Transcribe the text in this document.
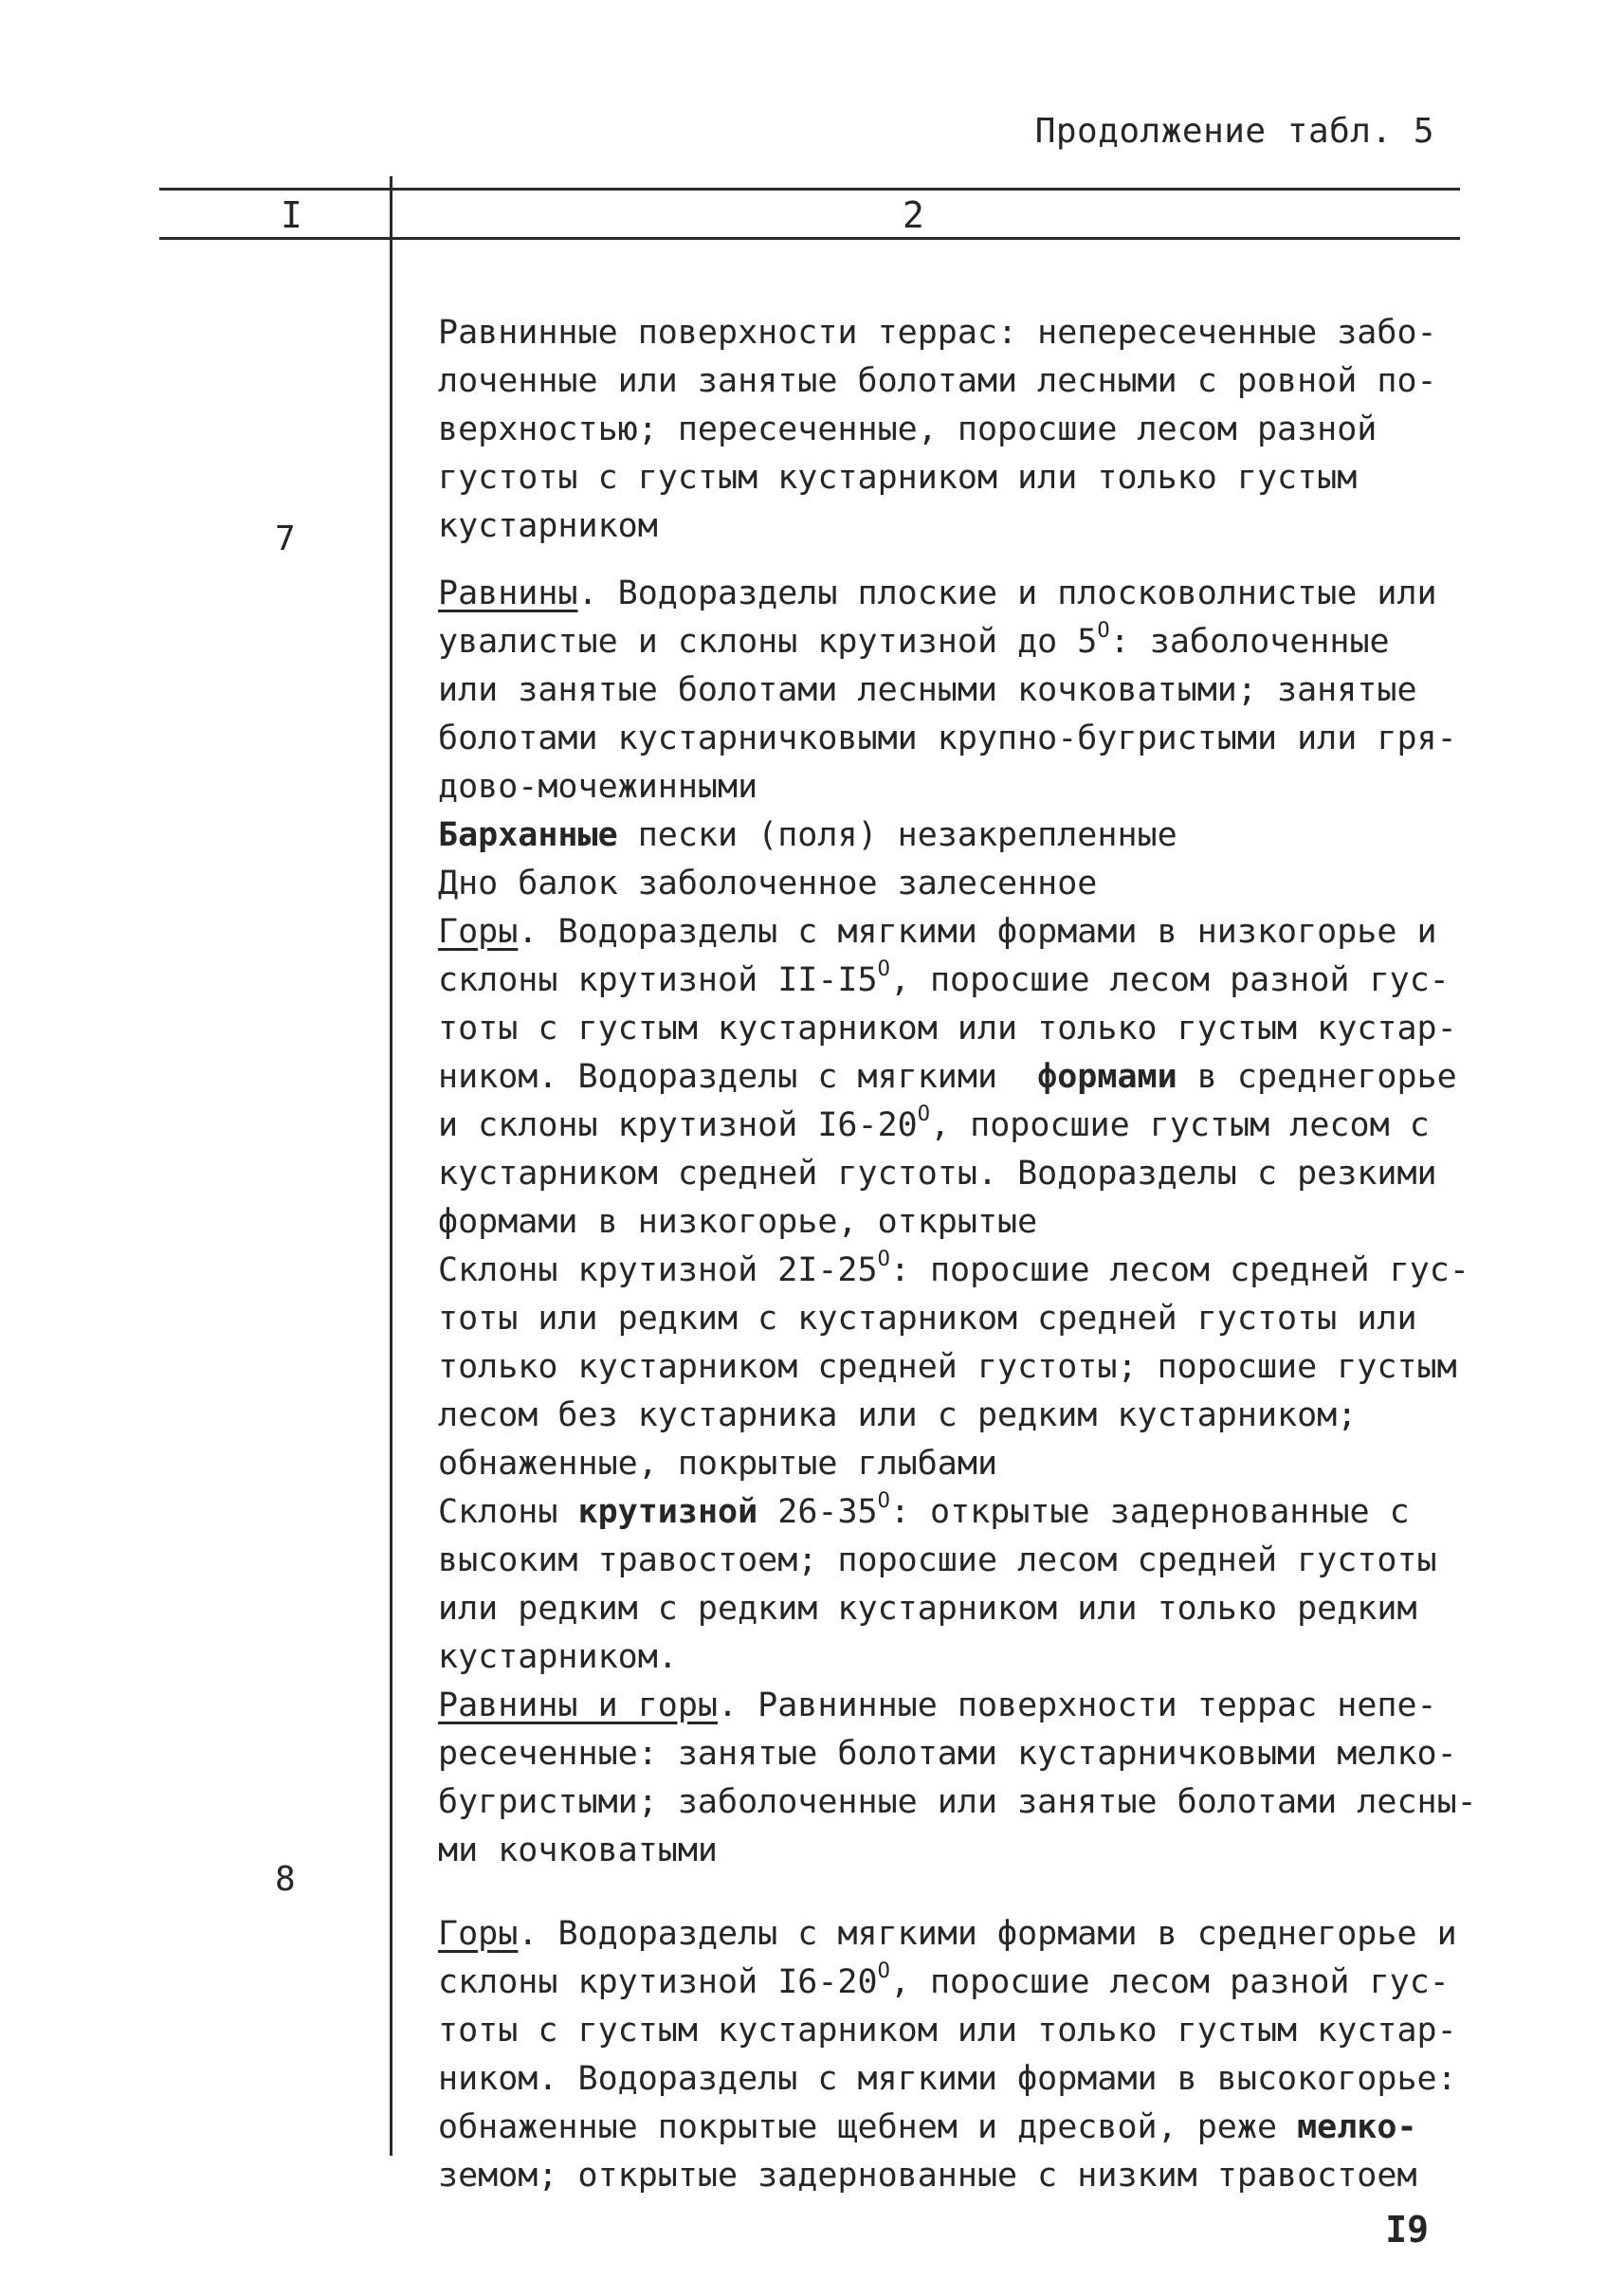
Продолжение табл. 5
I	2
7
8

Равнинные поверхности террас: непересеченные забо-
лоченные или занятые болотами лесными с ровной по-
верхностью; пересеченные, поросшие лесом разной
густоты с густым кустарником или только густым
кустарником

Равнины. Водоразделы плоские и плосковолнистые или
увалистые и склоны крутизной до $5^О$: заболоченные
или занятые болотами лесными кочковатыми; занятые
болотами кустарничковыми крупно-бугристыми или гря-
дово-мочежинными
Барханные пески (поля) незакрепленные
Дно балок заболоченное залесенное
Горы. Водоразделы с мягкими формами в низкогорье и
склоны крутизной $II-I5^О$, поросшие лесом разной гус-
тоты с густым кустарником или только густым кустар-
ником. Водоразделы с мягкими  формами в среднегорье
и склоны крутизной $I6-20^О$, поросшие густым лесом с
кустарником средней густоты. Водоразделы с резкими
формами в низкогорье, открытые
Склоны крутизной $2I-25^О$: поросшие лесом средней гус-
тоты или редким с кустарником средней густоты или
только кустарником средней густоты; поросшие густым
лесом без кустарника или с редким кустарником;
обнаженные, покрытые глыбами
Склоны крутизной $26-35^О$: открытые задернованные с
высоким травостоем; поросшие лесом средней густоты
или редким с редким кустарником или только редким
кустарником.
Равнины и горы. Равнинные поверхности террас непе-
ресеченные: занятые болотами кустарничковыми мелко-
бугристыми; заболоченные или занятые болотами лесны-
ми кочковатыми

Горы. Водоразделы с мягкими формами в среднегорье и
склоны крутизной $I6-20^О$, поросшие лесом разной гус-
тоты с густым кустарником или только густым кустар-
ником. Водоразделы с мягкими формами в высокогорье:
обнаженные покрытые щебнем и дресвой, реже мелко-
земом; открытые задернованные с низким травостоем
I9
